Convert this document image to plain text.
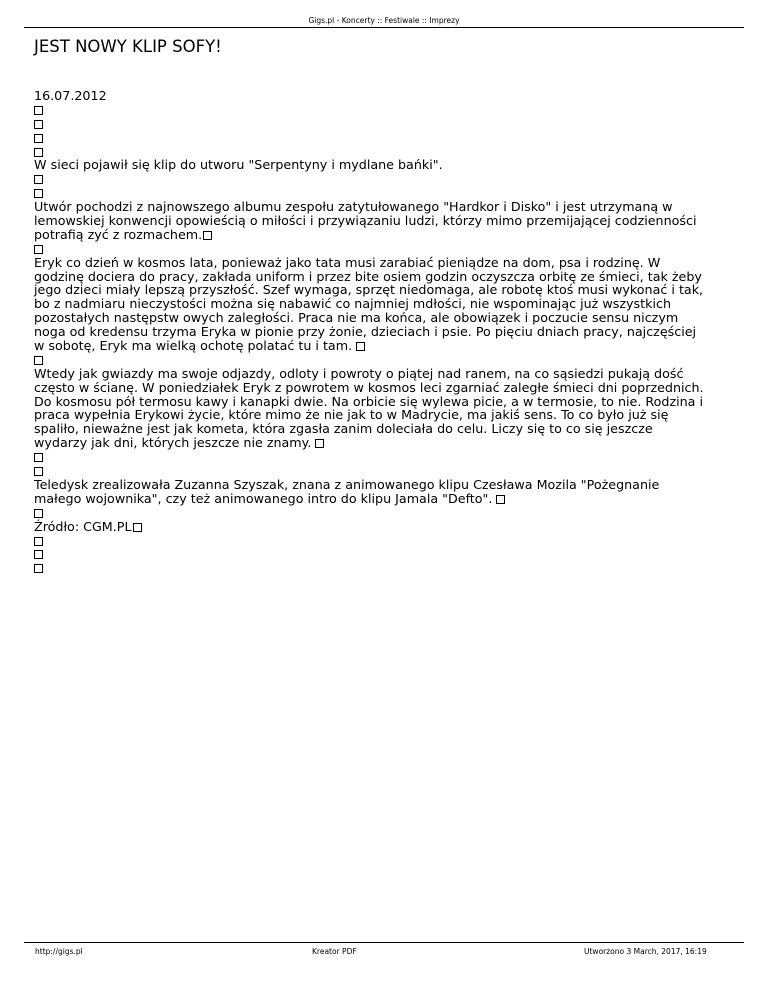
Gigs.pl - Koncerty :: Festiwale :: Imprezy
JEST NOWY KLIP SOFY!
16.07.2012
W sieci pojawił się klip do utworu "Serpentyny i mydlane bańki".
Utwór pochodzi z najnowszego albumu zespołu zatytułowanego "Hardkor i Disko" i jest utrzymaną w
lemowskiej konwencji opowieścią o miłości i przywiązaniu ludzi, którzy mimo przemijającej codzienności
potrafią zyć z rozmachem.
Eryk co dzień w kosmos lata, ponieważ jako tata musi zarabiać pieniądze na dom, psa i rodzinę. W
godzinę dociera do pracy, zakłada uniform i przez bite osiem godzin oczyszcza orbitę ze śmieci, tak żeby
jego dzieci miały lepszą przyszłość. Szef wymaga, sprzęt niedomaga, ale robotę ktoś musi wykonać i tak,
bo z nadmiaru nieczystości można się nabawić co najmniej mdłości, nie wspominając już wszystkich
pozostałych następstw owych zaległości. Praca nie ma końca, ale obowiązek i poczucie sensu niczym
noga od kredensu trzyma Eryka w pionie przy żonie, dzieciach i psie. Po pięciu dniach pracy, najczęściej
w sobotę, Eryk ma wielką ochotę polatać tu i tam.
Wtedy jak gwiazdy ma swoje odjazdy, odloty i powroty o piątej nad ranem, na co sąsiedzi pukają dość
często w ścianę. W poniedziałek Eryk z powrotem w kosmos leci zgarniać zaległe śmieci dni poprzednich.
Do kosmosu pół termosu kawy i kanapki dwie. Na orbicie się wylewa picie, a w termosie, to nie. Rodzina i
praca wypełnia Erykowi życie, które mimo że nie jak to w Madrycie, ma jakiś sens. To co było już się
spaliło, nieważne jest jak kometa, która zgasła zanim doleciała do celu. Liczy się to co się jeszcze
wydarzy jak dni, których jeszcze nie znamy.
Teledysk zrealizowała Zuzanna Szyszak, znana z animowanego klipu Czesława Mozila "Pożegnanie
małego wojownika", czy też animowanego intro do klipu Jamala "Defto".
Źródło: CGM.PL
http://gigs.pl	Kreator PDF	Utworzono 3 March, 2017, 16:19
